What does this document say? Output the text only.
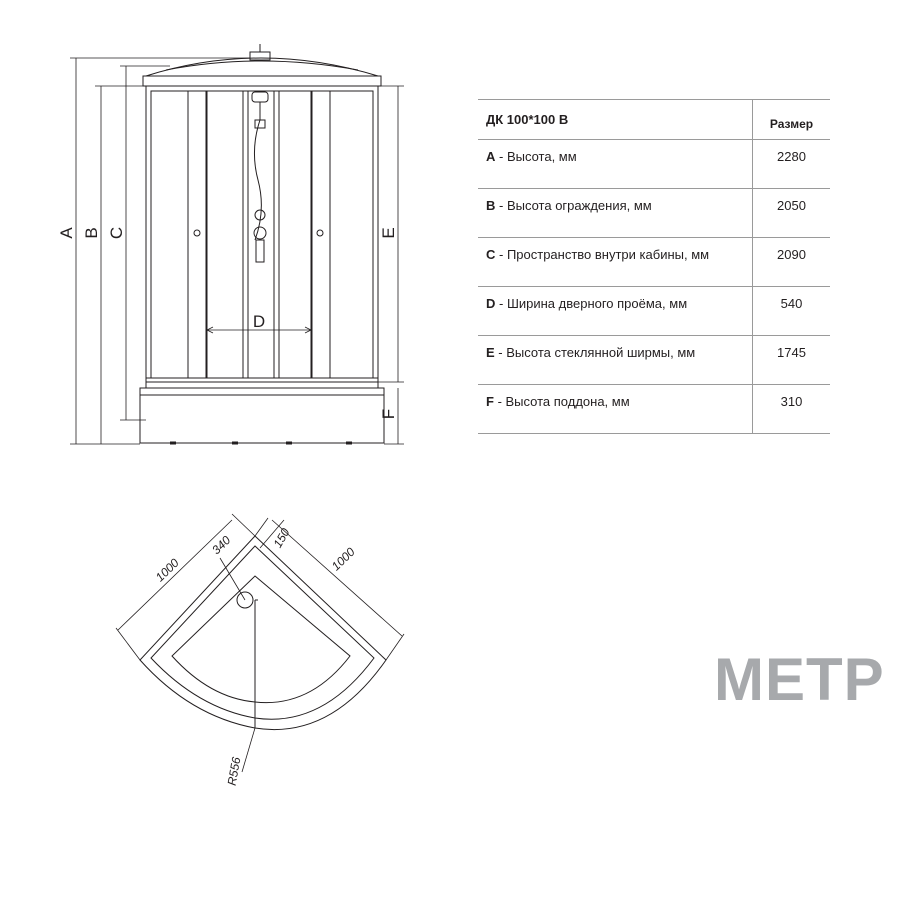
A B C
D
E
F
1000
340	150
1000
R556
ДК 100*100 В	Размер
A - Высота, мм	2280
B - Высота ограждения, мм	2050
C - Пространство внутри кабины, мм	2090
D - Ширина дверного проёма, мм	540
E - Высота стеклянной ширмы, мм	1745
F - Высота поддона, мм	310
МЕТР
